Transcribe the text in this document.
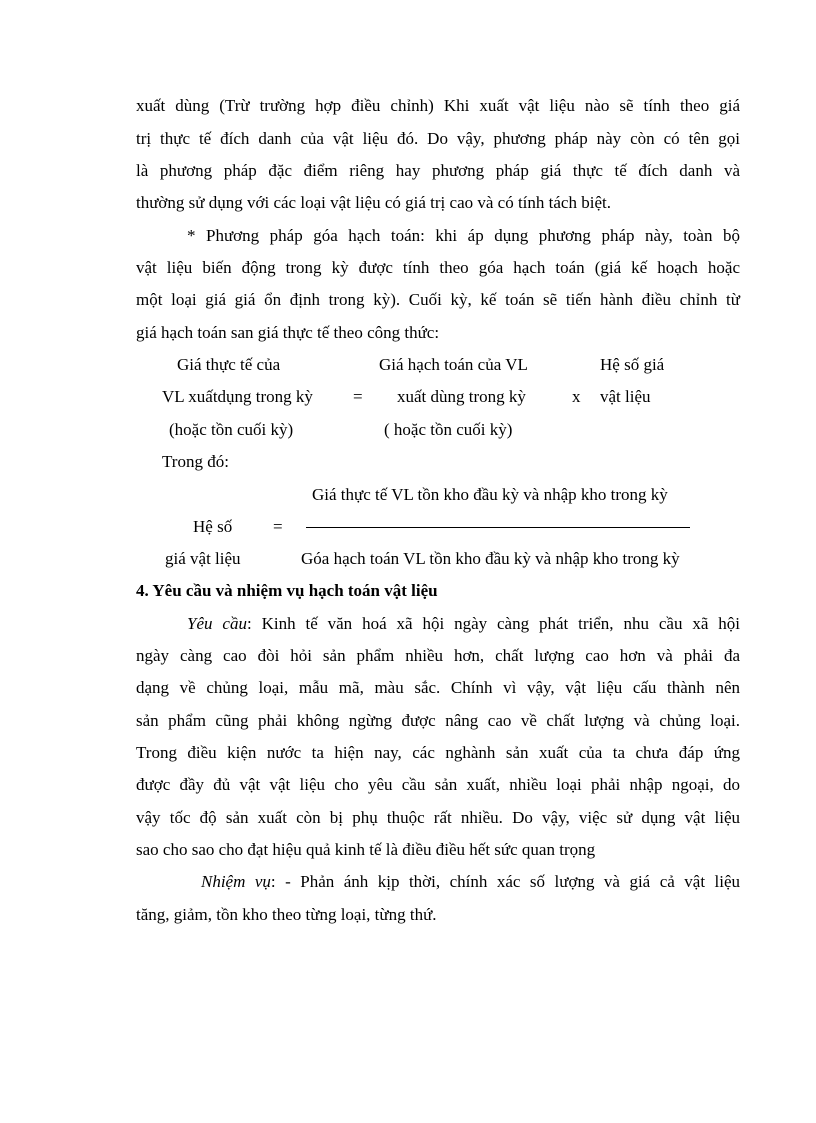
xuất dùng (Trừ trường hợp điều chỉnh) Khi xuất vật liệu nào sẽ tính theo giá
trị thực tế đích danh của vật liệu đó. Do vậy, phương pháp này còn có tên gọi
là phương pháp đặc điểm riêng hay phương pháp giá thực tế đích danh và
thường sử dụng với các loại vật liệu có giá trị cao và có tính tách biệt.
* Phương pháp góa hạch toán: khi áp dụng phương pháp này, toàn bộ
vật liệu biến động trong kỳ được tính theo góa hạch toán (giá kế hoạch hoặc
một loại giá giá ổn định trong kỳ). Cuối kỳ, kế toán sẽ tiến hành điều chỉnh từ
giá hạch toán san giá thực tế theo công thức:
Giá thực tế của
VL xuấtdụng trong kỳ
(hoặc tồn cuối kỳ)
=
Giá hạch toán của VL
xuất dùng trong kỳ
( hoặc tồn cuối kỳ)
x
Hệ số giá
vật liệu
Trong đó:
Giá thực tế VL tồn kho đầu kỳ và nhập kho trong kỳ
Hệ số =
giá vật liệu	Góa hạch toán VL tồn kho đầu kỳ và nhập kho trong kỳ
4. Yêu cầu và nhiệm vụ hạch toán vật liệu
Yêu cầu: Kinh tế văn hoá xã hội ngày càng phát triển, nhu cầu xã hội
ngày càng cao đòi hỏi sản phẩm nhiều hơn, chất lượng cao hơn và phải đa
dạng về chủng loại, mẫu mã, màu sắc. Chính vì vậy, vật liệu cấu thành nên
sản phẩm cũng phải không ngừng được nâng cao về chất lượng và chủng loại.
Trong điều kiện nước ta hiện nay, các nghành sản xuất của ta chưa đáp ứng
được đầy đủ vật vật liệu cho yêu cầu sản xuất, nhiều loại phải nhập ngoại, do
vậy tốc độ sản xuất còn bị phụ thuộc rất nhiều. Do vậy, việc sử dụng vật liệu
sao cho sao cho đạt hiệu quả kinh tế là điều điều hết sức quan trọng
Nhiệm vụ: - Phản ánh kịp thời, chính xác số lượng và giá cả vật liệu
tăng, giảm, tồn kho theo từng loại, từng thứ.
